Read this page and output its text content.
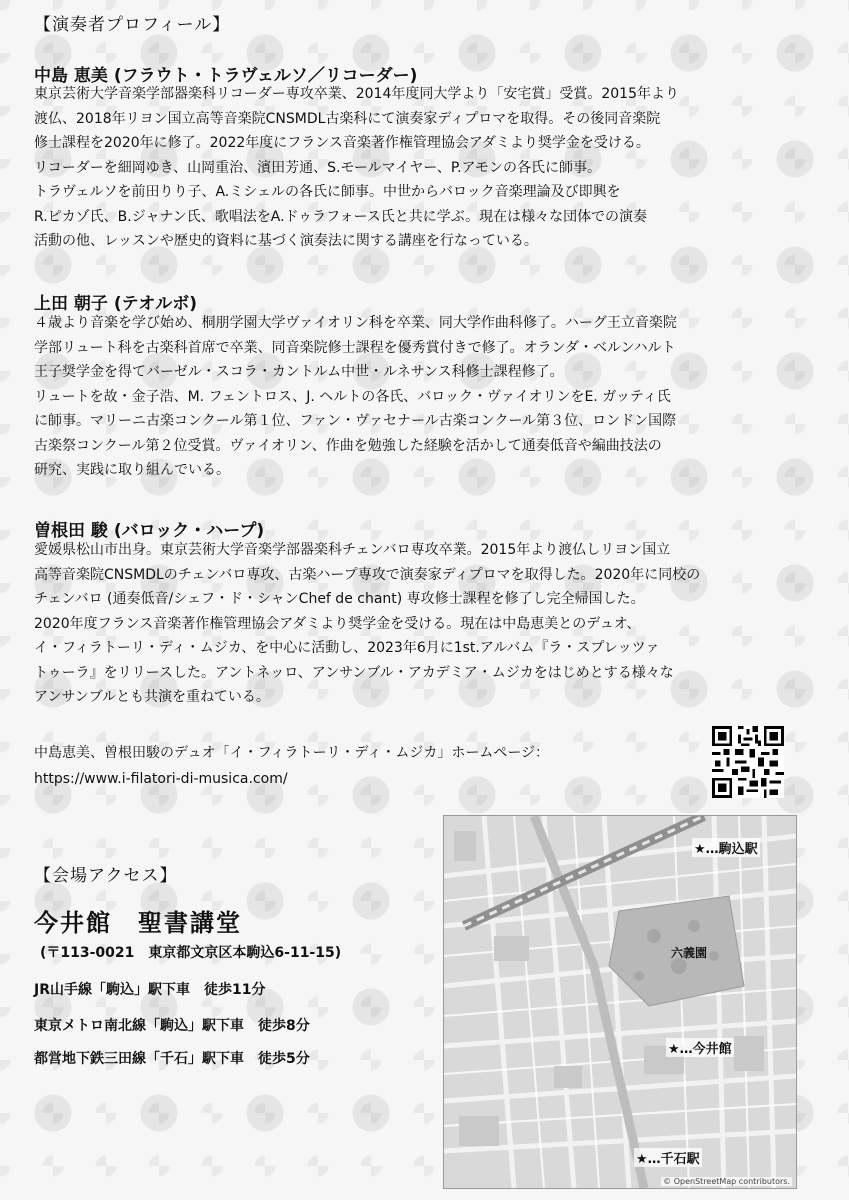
【演奏者プロフィール】
中島 恵美 (フラウト・トラヴェルソ／リコーダー)

東京芸術大学音楽学部器楽科リコーダー専攻卒業、2014年度同大学より「安宅賞」受賞。2015年より
渡仏、2018年リヨン国立高等音楽院CNSMDL古楽科にて演奏家ディプロマを取得。その後同音楽院
修士課程を2020年に修了。2022年度にフランス音楽著作権管理協会アダミより奨学金を受ける。
リコーダーを細岡ゆき、山岡重治、濱田芳通、S.モールマイヤー、P.アモンの各氏に師事。
トラヴェルソを前田りり子、A.ミシェルの各氏に師事。中世からバロック音楽理論及び即興を
R.ピカゾ氏、B.ジャナン氏、歌唱法をA.ドゥラフォース氏と共に学ぶ。現在は様々な団体での演奏
活動の他、レッスンや歴史的資料に基づく演奏法に関する講座を行なっている。

上田 朝子 (テオルボ)

４歳より音楽を学び始め、桐朋学園大学ヴァイオリン科を卒業、同大学作曲科修了。ハーグ王立音楽院
学部リュート科を古楽科首席で卒業、同音楽院修士課程を優秀賞付きで修了。オランダ・ベルンハルト
王子奨学金を得てバーゼル・スコラ・カントルム中世・ルネサンス科修士課程修了。
リュートを故・金子浩、M. フェントロス、J. ヘルトの各氏、バロック・ヴァイオリンをE. ガッティ氏
に師事。マリーニ古楽コンクール第１位、ファン・ヴァセナール古楽コンクール第３位、ロンドン国際
古楽祭コンクール第２位受賞。ヴァイオリン、作曲を勉強した経験を活かして通奏低音や編曲技法の
研究、実践に取り組んでいる。

曽根田 駿 (バロック・ハープ)

愛媛県松山市出身。東京芸術大学音楽学部器楽科チェンバロ専攻卒業。2015年より渡仏しリヨン国立
高等音楽院CNSMDLのチェンバロ専攻、古楽ハープ専攻で演奏家ディプロマを取得した。2020年に同校の
チェンバロ (通奏低音/シェフ・ド・シャンChef de chant) 専攻修士課程を修了し完全帰国した。
2020年度フランス音楽著作権管理協会アダミより奨学金を受ける。現在は中島恵美とのデュオ、
イ・フィラトーリ・ディ・ムジカ、を中心に活動し、2023年6月に1st.アルバム『ラ・スプレッツァ
トゥーラ』をリリースした。アントネッロ、アンサンブル・アカデミア・ムジカをはじめとする様々な
アンサンブルとも共演を重ねている。

中島恵美、曽根田駿のデュオ「イ・フィラトーリ・ディ・ムジカ」ホームページ：
https://www.i-filatori-di-musica.com/
【会場アクセス】
今井館　聖書講堂
(〒113-0021　東京都文京区本駒込6-11-15)
JR山手線「駒込」駅下車　徒歩11分
東京メトロ南北線「駒込」駅下車　徒歩8分
都営地下鉄三田線「千石」駅下車　徒歩5分
★…駒込駅
六義園
★…今井館
★…千石駅
© OpenStreetMap contributors.
